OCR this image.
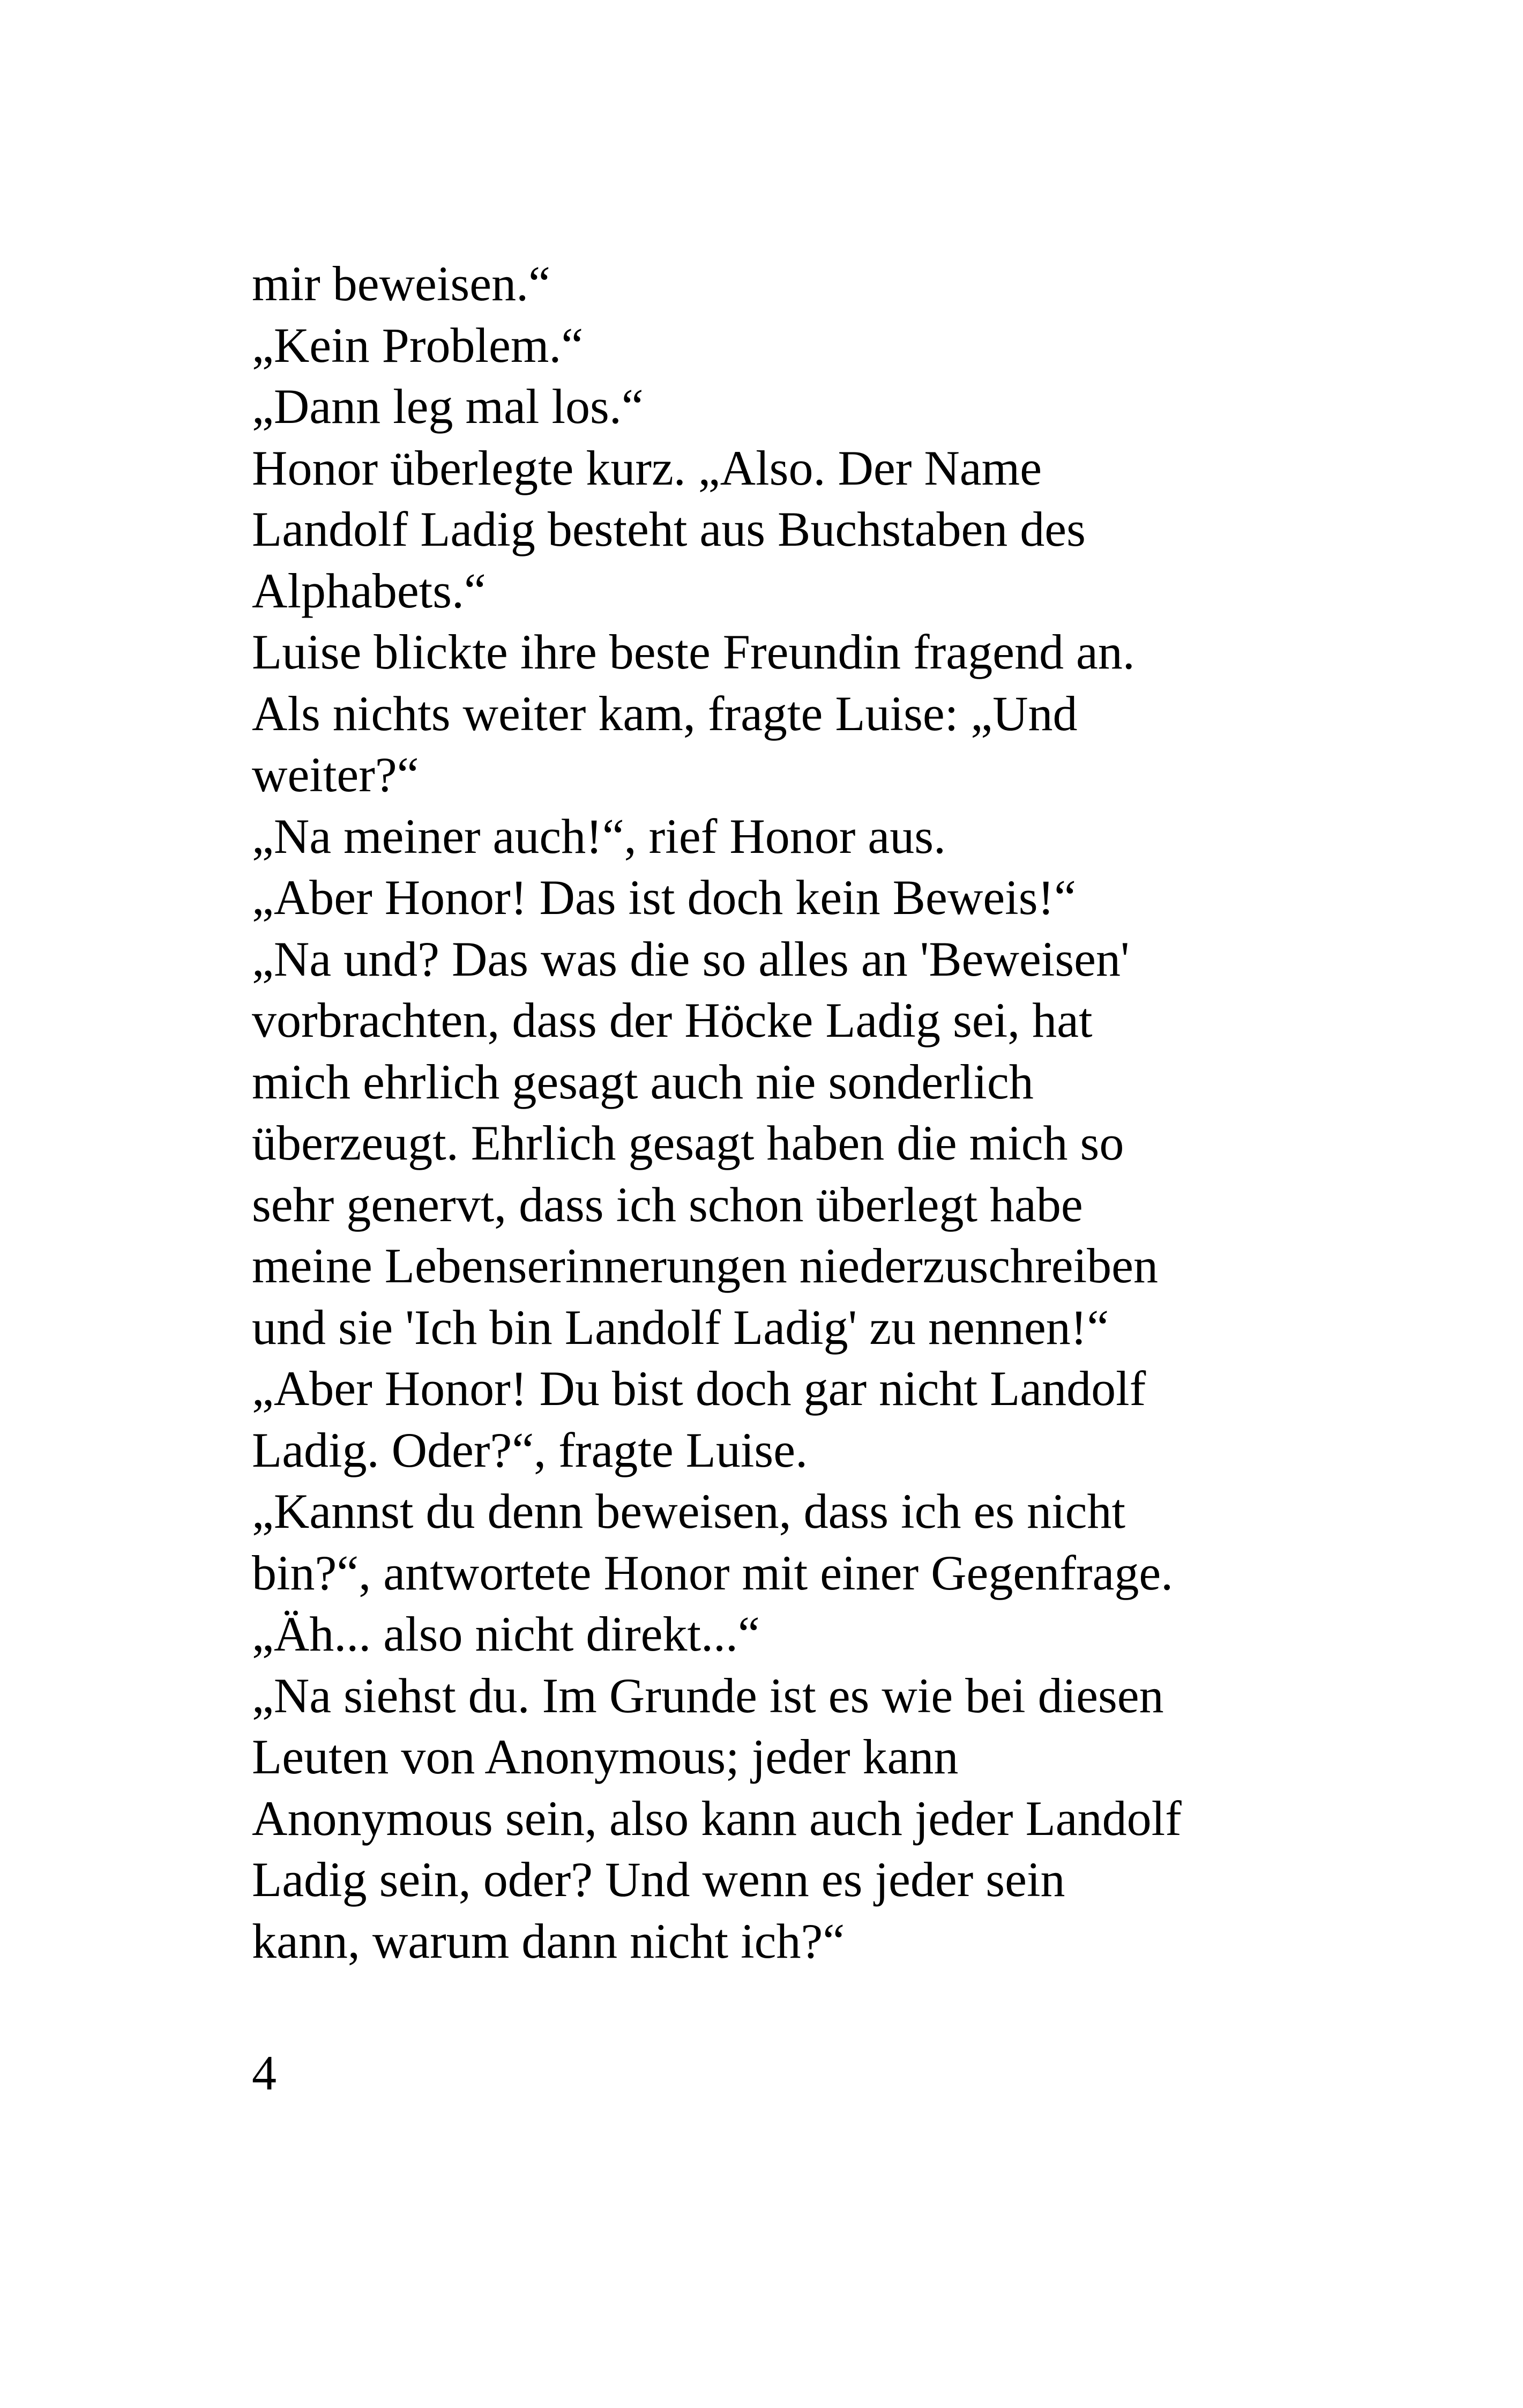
mir beweisen.“
„Kein Problem.“
„Dann leg mal los.“
Honor überlegte kurz. „Also. Der Name
Landolf Ladig besteht aus Buchstaben des
Alphabets.“
Luise blickte ihre beste Freundin fragend an.
Als nichts weiter kam, fragte Luise: „Und
weiter?“
„Na meiner auch!“, rief Honor aus.
„Aber Honor! Das ist doch kein Beweis!“
„Na und? Das was die so alles an 'Beweisen'
vorbrachten, dass der Höcke Ladig sei, hat
mich ehrlich gesagt auch nie sonderlich
überzeugt. Ehrlich gesagt haben die mich so
sehr genervt, dass ich schon überlegt habe
meine Lebenserinnerungen niederzuschreiben
und sie 'Ich bin Landolf Ladig' zu nennen!“
„Aber Honor! Du bist doch gar nicht Landolf
Ladig. Oder?“, fragte Luise.
„Kannst du denn beweisen, dass ich es nicht
bin?“, antwortete Honor mit einer Gegenfrage.
„Äh... also nicht direkt...“
„Na siehst du. Im Grunde ist es wie bei diesen
Leuten von Anonymous; jeder kann
Anonymous sein, also kann auch jeder Landolf
Ladig sein, oder? Und wenn es jeder sein
kann, warum dann nicht ich?“
4
